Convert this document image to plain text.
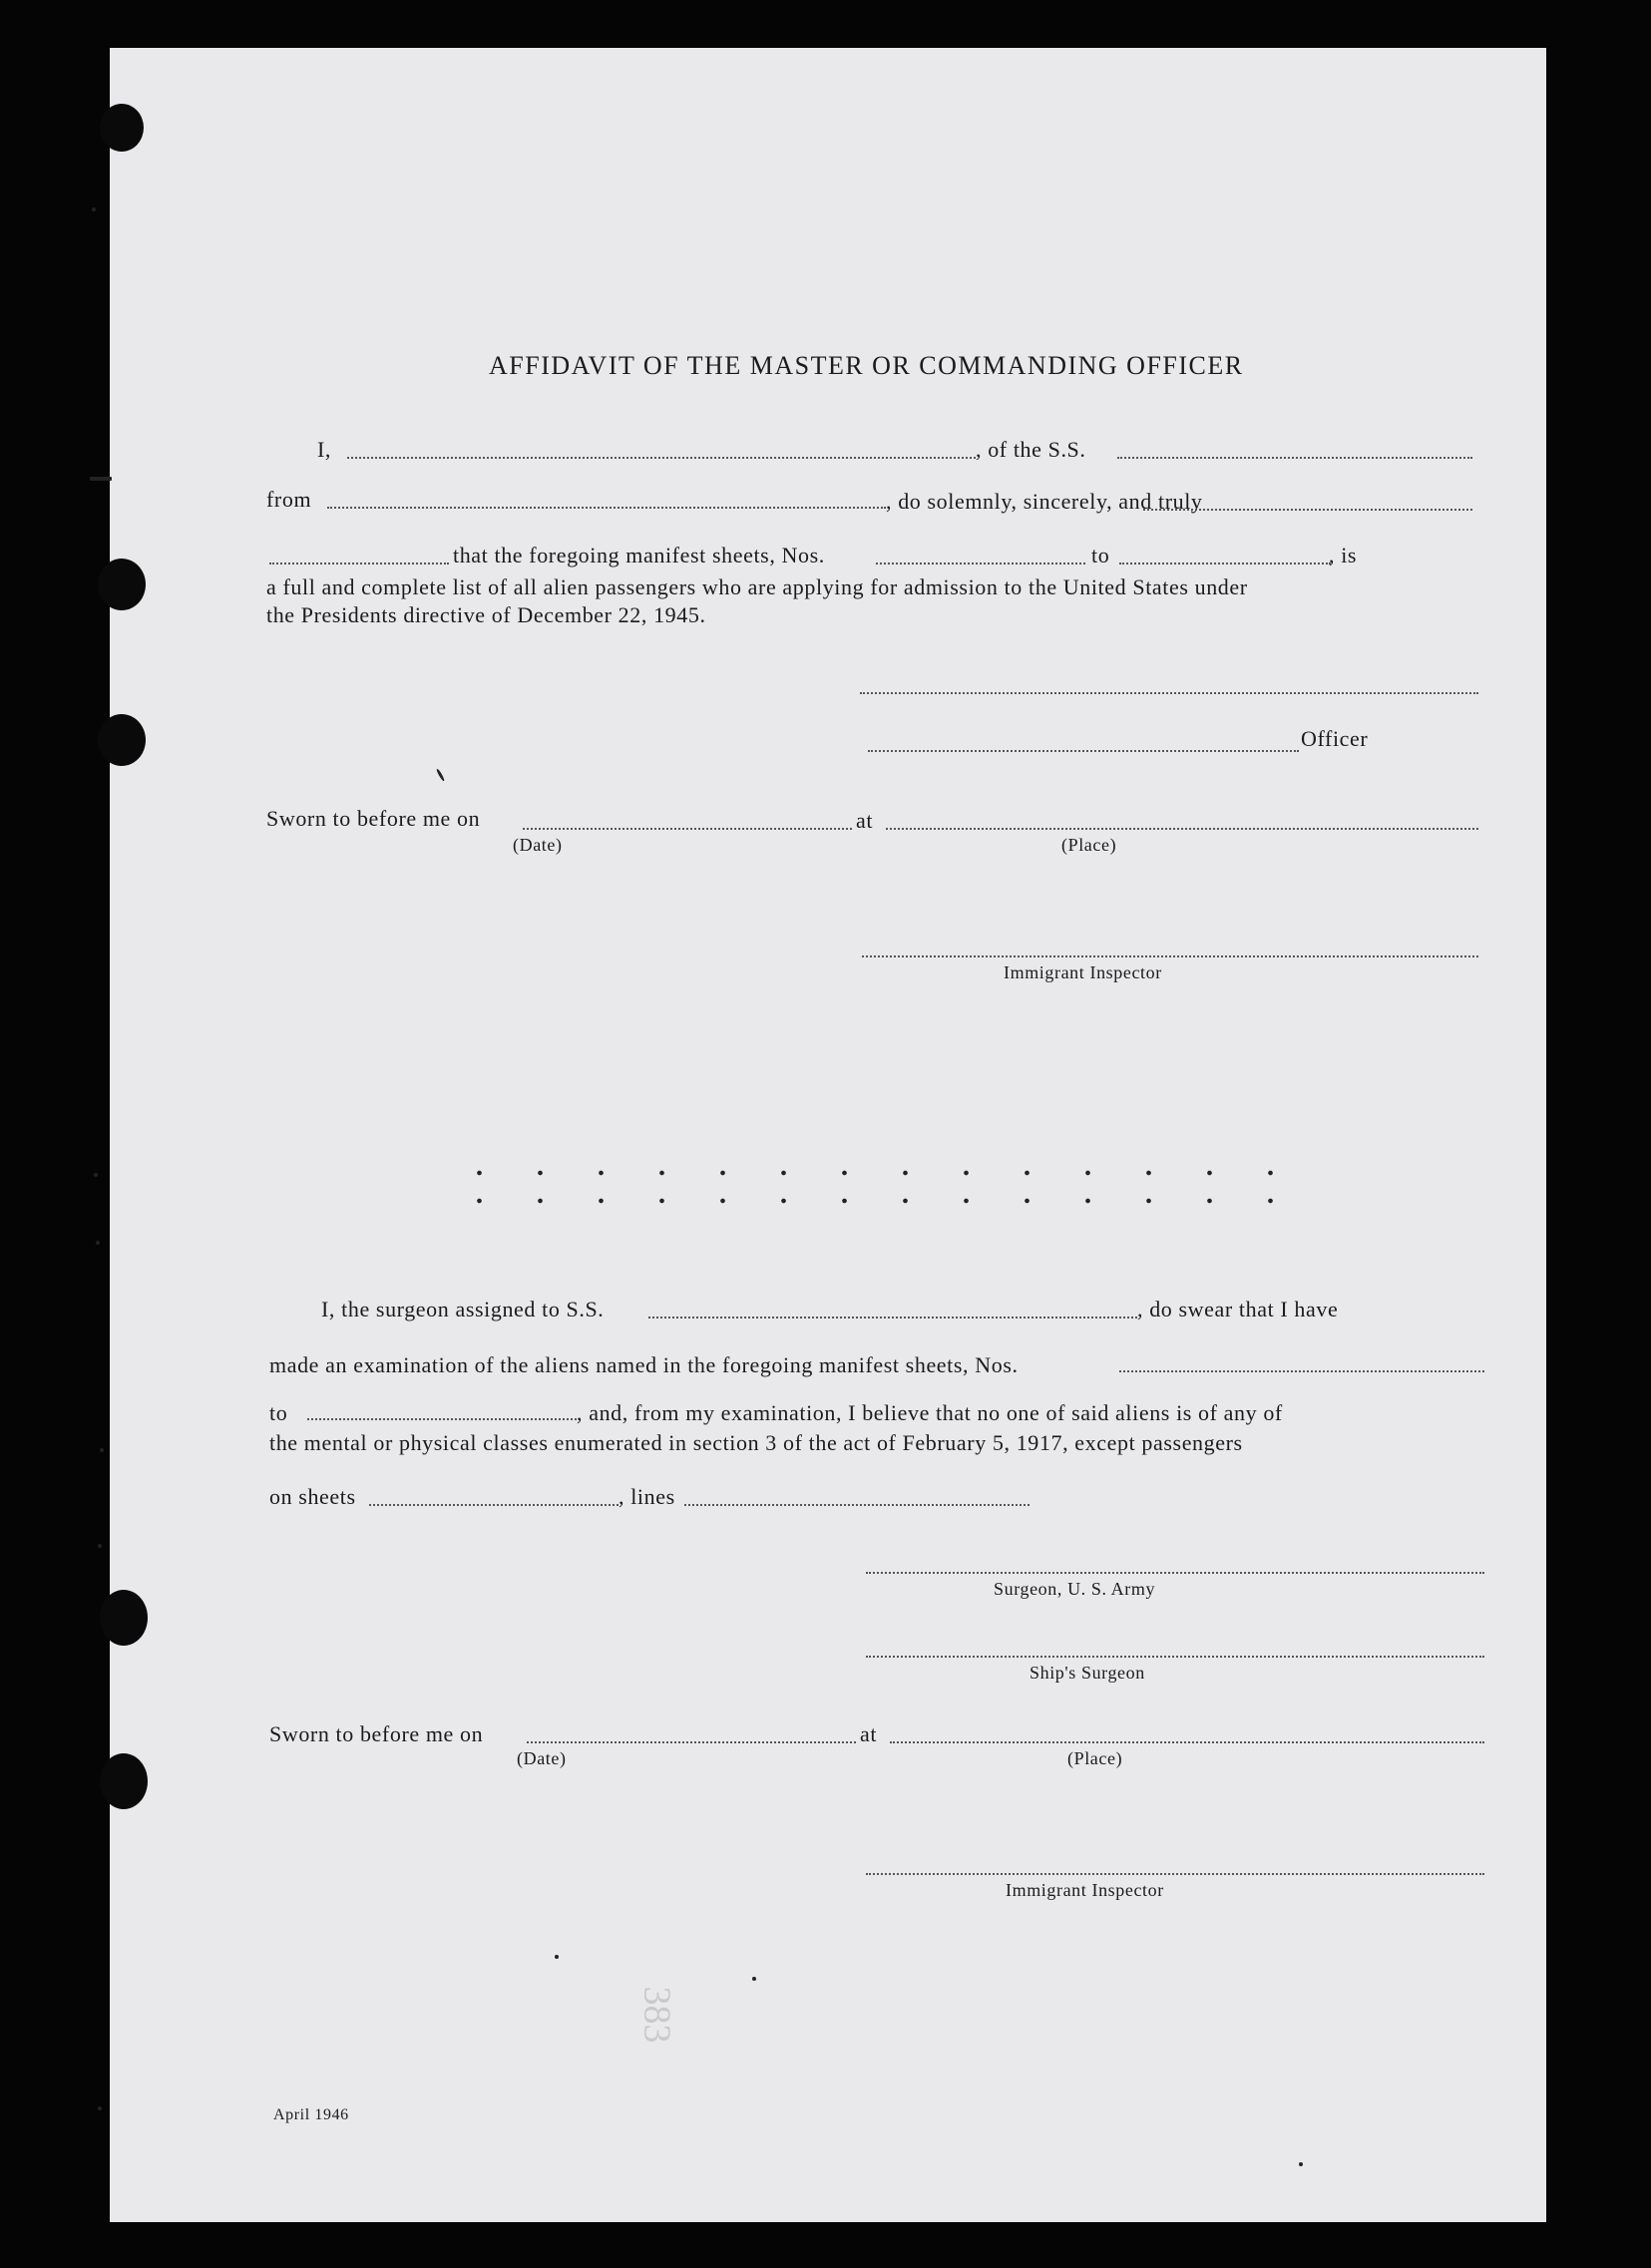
383
AFFIDAVIT OF THE MASTER OR COMMANDING OFFICER
I,	, of the S.S.
from	, do solemnly, sincerely, and truly
that the foregoing manifest sheets, Nos.	to	, is
a full and complete list of all alien passengers who are applying for admission to the United States under
the Presidents directive of December 22, 1945.
Officer
Sworn to before me on	at
(Date)	(Place)
Immigrant Inspector
I, the surgeon assigned to S.S.	, do swear that I have
made an examination of the aliens named in the foregoing manifest sheets, Nos.
to	, and, from my examination, I believe that no one of said aliens is of any of
the mental or physical classes enumerated in section 3 of the act of February 5, 1917, except passengers
on sheets	, lines
Surgeon, U. S. Army
Ship's Surgeon
Sworn to before me on	at
(Date)	(Place)
Immigrant Inspector
April 1946
